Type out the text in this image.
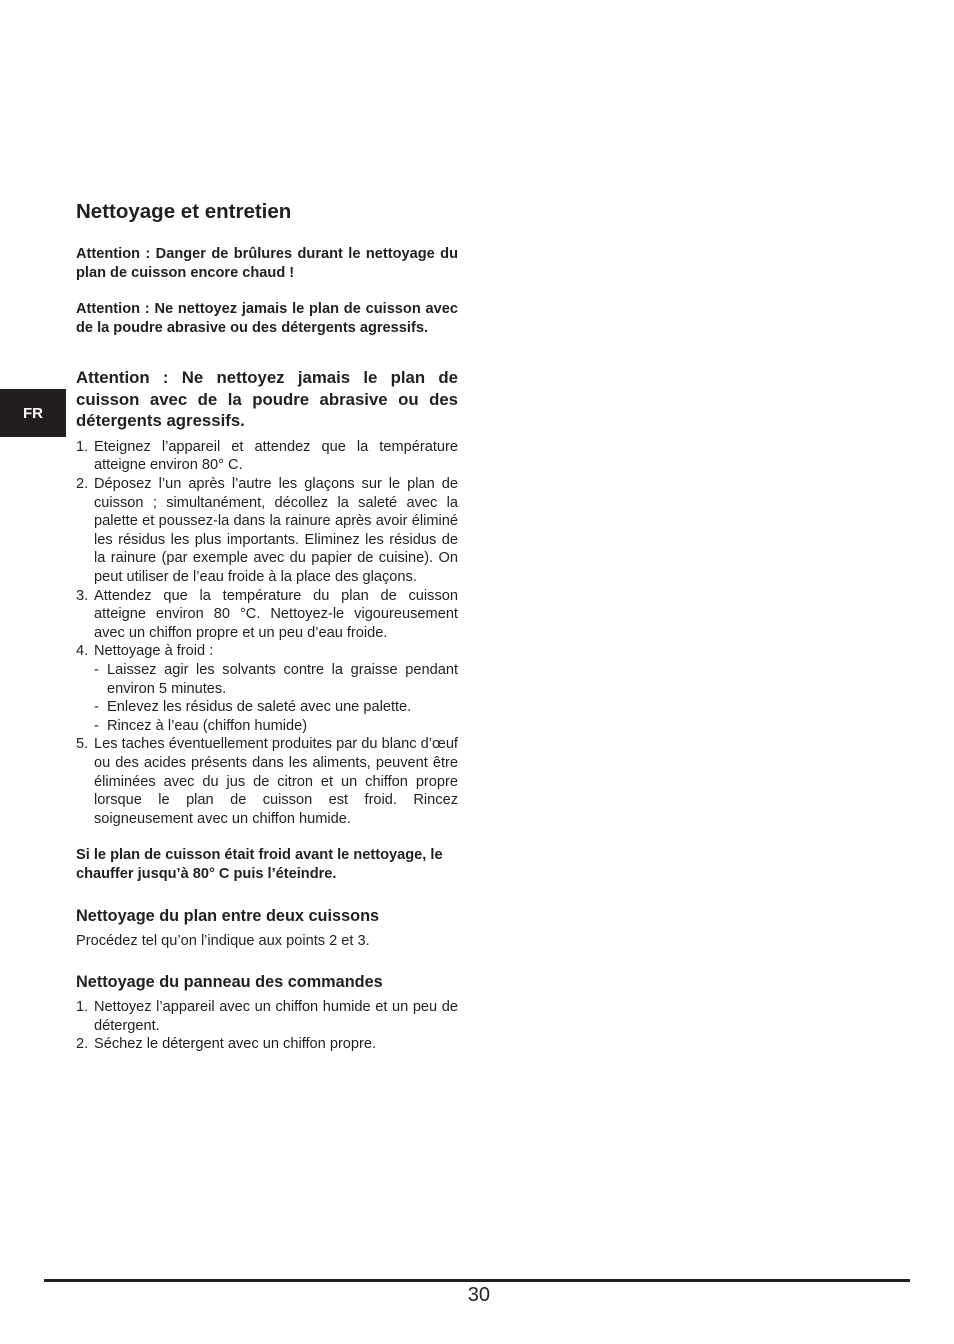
FR
Nettoyage et entretien

Attention : Danger de brûlures durant le nettoyage du plan de cuisson encore chaud !

Attention : Ne nettoyez jamais le plan de cuisson avec de la poudre abrasive ou des détergents agressifs.

Attention : Ne nettoyez jamais le plan de cuisson avec de la poudre abrasive ou des détergents agressifs.
1. Eteignez l’appareil et attendez que la température atteigne environ 80° C.
2. Déposez l’un après l’autre les glaçons sur le plan de cuisson ; simultanément, décollez la saleté avec la palette et poussez-la dans la rainure après avoir éliminé les résidus les plus importants. Eliminez les résidus de la rainure (par exemple avec du papier de cuisine). On peut utiliser de l’eau froide à la place des glaçons.
3. Attendez que la température du plan de cuisson atteigne environ 80 °C. Nettoyez-le vigoureusement avec un chiffon propre et un peu d’eau froide.
4. Nettoyage à froid :
- Laissez agir les solvants contre la graisse pendant environ 5 minutes.
- Enlevez les résidus de saleté avec une palette.
- Rincez à l’eau (chiffon humide)
5. Les taches éventuellement produites par du blanc d’œuf ou des acides présents dans les aliments, peuvent être éliminées avec du jus de citron et un chiffon propre lorsque le plan de cuisson est froid. Rincez soigneusement avec un chiffon humide.

Si le plan de cuisson était froid avant le nettoyage, le chauffer jusqu’à 80° C puis l’éteindre.

Nettoyage du plan entre deux cuissons

Procédez tel qu’on l’indique aux points 2 et 3.

Nettoyage du panneau des commandes
1. Nettoyez l’appareil avec un chiffon humide et un peu de détergent.
2. Séchez le détergent avec un chiffon propre.
30
